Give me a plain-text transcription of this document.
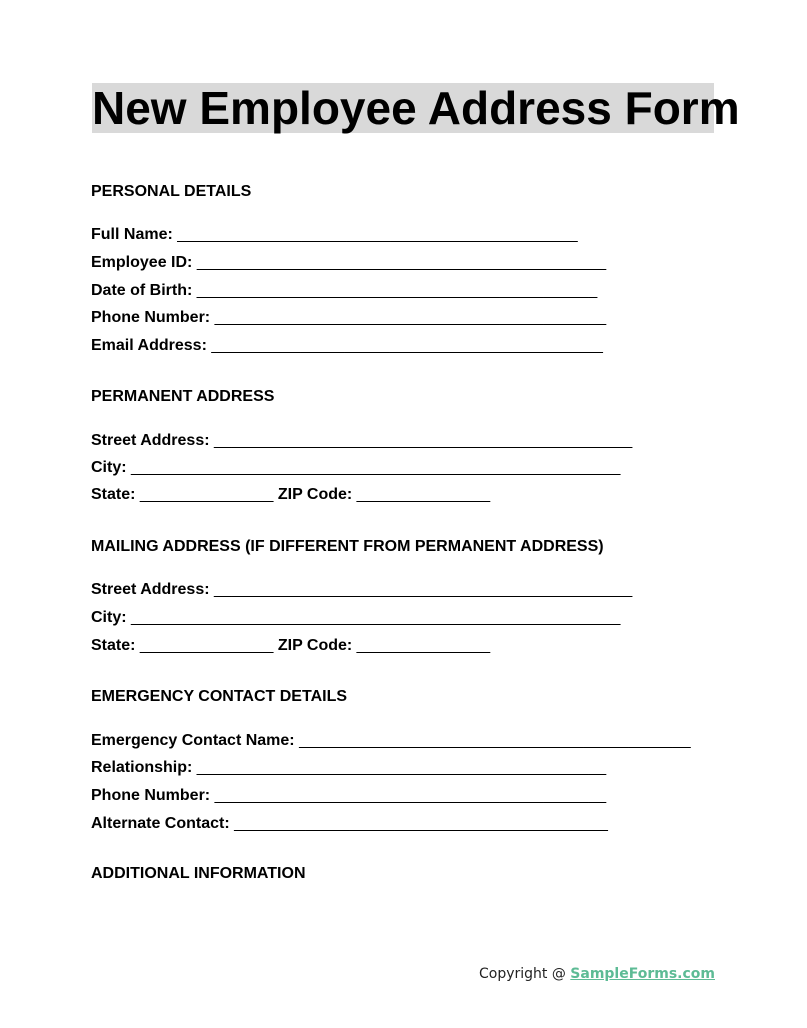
New Employee Address Form
PERSONAL DETAILS
Full Name: _____________________________________________
Employee ID: ______________________________________________
Date of Birth: _____________________________________________
Phone Number: ____________________________________________
Email Address: ____________________________________________
PERMANENT ADDRESS
Street Address: _______________________________________________
City: _______________________________________________________
State: _______________ ZIP Code: _______________
MAILING ADDRESS (IF DIFFERENT FROM PERMANENT ADDRESS)
Street Address: _______________________________________________
City: _______________________________________________________
State: _______________ ZIP Code: _______________
EMERGENCY CONTACT DETAILS
Emergency Contact Name: ____________________________________________
Relationship: ______________________________________________
Phone Number: ____________________________________________
Alternate Contact: __________________________________________
ADDITIONAL INFORMATION
Copyright @ SampleForms.com
